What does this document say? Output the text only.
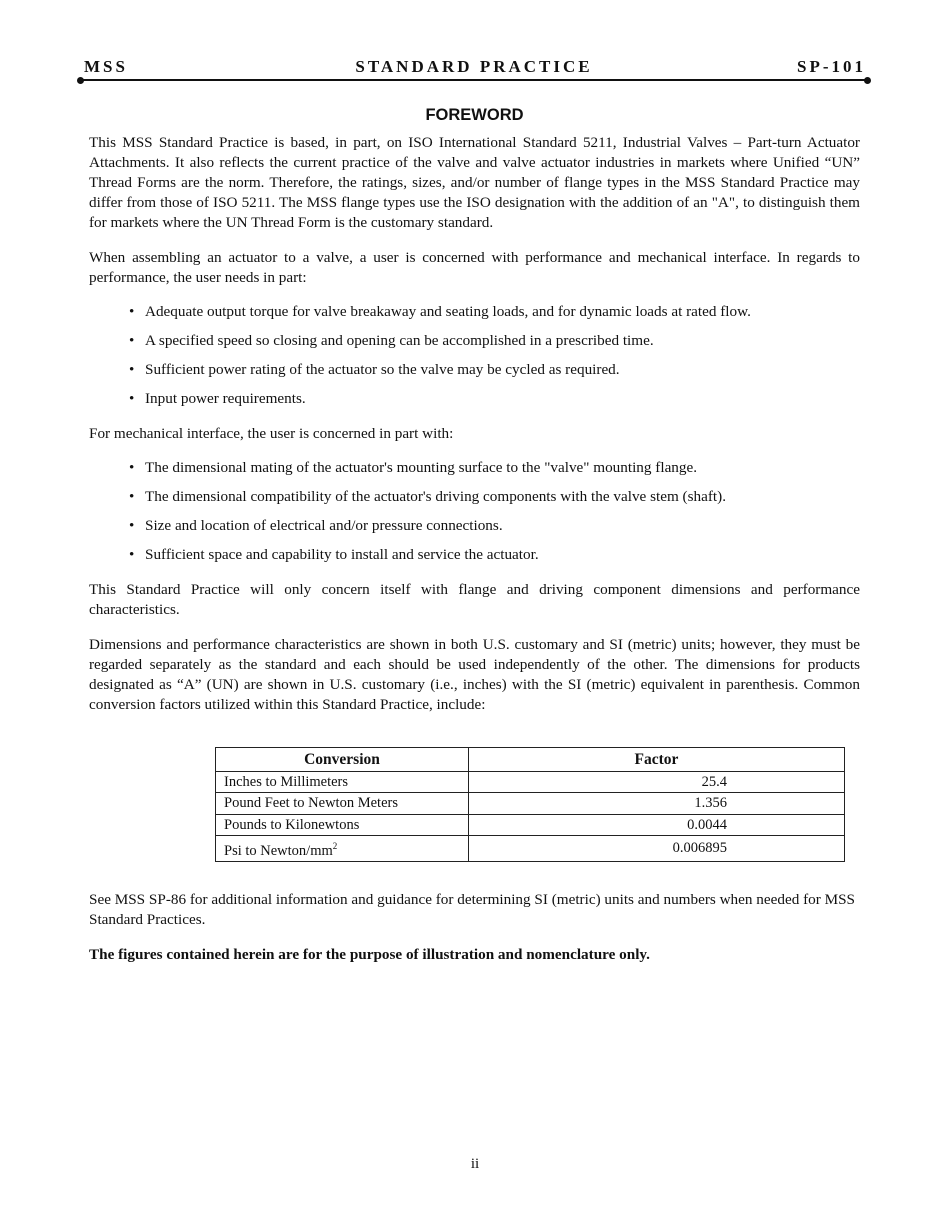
MSS	STANDARD PRACTICE	SP-101
FOREWORD

This MSS Standard Practice is based, in part, on ISO International Standard 5211, Industrial Valves – Part-turn Actuator Attachments. It also reflects the current practice of the valve and valve actuator industries in markets where Unified “UN” Thread Forms are the norm. Therefore, the ratings, sizes, and/or number of flange types in the MSS Standard Practice may differ from those of ISO 5211. The MSS flange types use the ISO designation with the addition of an "A", to distinguish them for markets where the UN Thread Form is the customary standard.

When assembling an actuator to a valve, a user is concerned with performance and mechanical interface. In regards to performance, the user needs in part:

• Adequate output torque for valve breakaway and seating loads, and for dynamic loads at rated flow.
• A specified speed so closing and opening can be accomplished in a prescribed time.
• Sufficient power rating of the actuator so the valve may be cycled as required.
• Input power requirements.

For mechanical interface, the user is concerned in part with:

• The dimensional mating of the actuator's mounting surface to the "valve" mounting flange.
• The dimensional compatibility of the actuator's driving components with the valve stem (shaft).
• Size and location of electrical and/or pressure connections.
• Sufficient space and capability to install and service the actuator.

This Standard Practice will only concern itself with flange and driving component dimensions and performance characteristics.

Dimensions and performance characteristics are shown in both U.S. customary and SI (metric) units; however, they must be regarded separately as the standard and each should be used independently of the other. The dimensions for products designated as “A” (UN) are shown in U.S. customary (i.e., inches) with the SI (metric) equivalent in parenthesis. Common conversion factors utilized within this Standard Practice, include:

Conversion	Factor
Inches to Millimeters	25.4
Pound Feet to Newton Meters	1.356
Pounds to Kilonewtons	0.0044
Psi to Newton/$mm^2$	0.006895

See MSS SP-86 for additional information and guidance for determining SI (metric) units and numbers when needed for MSS Standard Practices.

The figures contained herein are for the purpose of illustration and nomenclature only.

ii
